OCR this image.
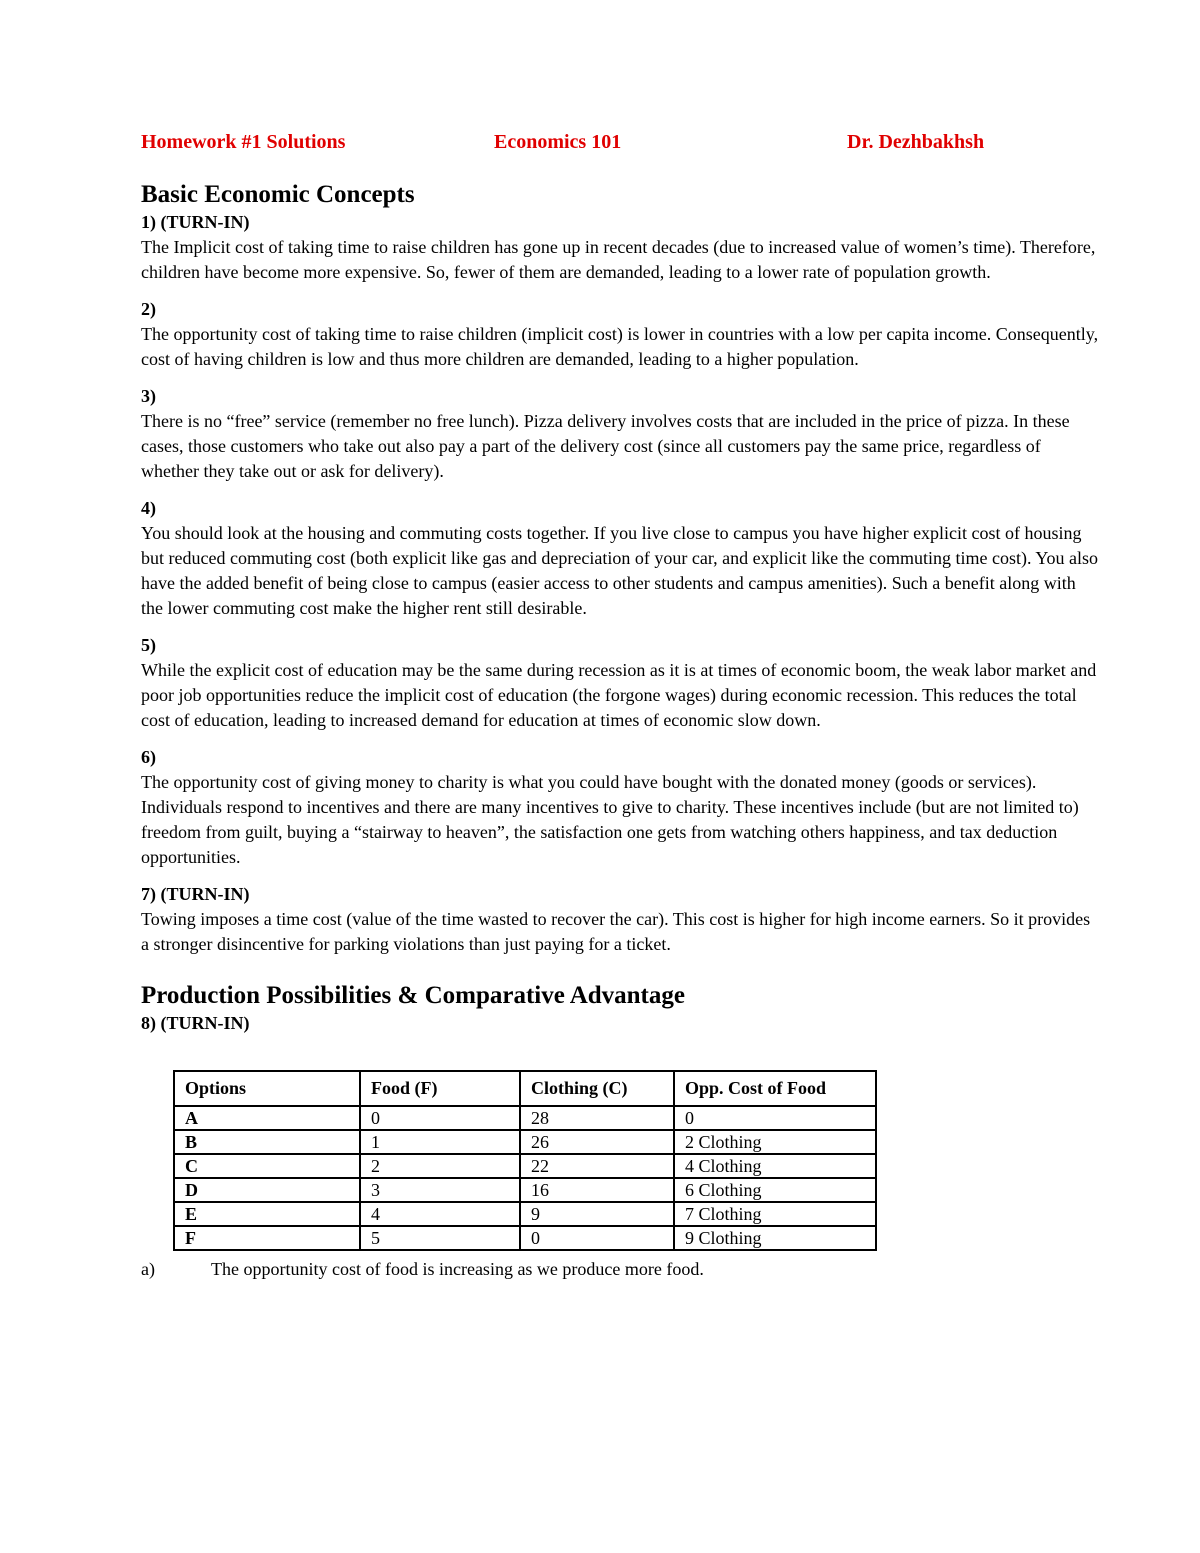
Homework #1 Solutions	Economics 101	Dr. Dezhbakhsh
Basic Economic Concepts
1) (TURN-IN)
The Implicit cost of taking time to raise children has gone up in recent decades (due to increased value of women’s time). Therefore, children have become more expensive. So, fewer of them are demanded, leading to a lower rate of population growth.
2)
The opportunity cost of taking time to raise children (implicit cost) is lower in countries with a low per capita income. Consequently, cost of having children is low and thus more children are demanded, leading to a higher population.
3)
There is no “free” service (remember no free lunch). Pizza delivery involves costs that are included in the price of pizza. In these cases, those customers who take out also pay a part of the delivery cost (since all customers pay the same price, regardless of whether they take out or ask for delivery).
4)
You should look at the housing and commuting costs together. If you live close to campus you have higher explicit cost of housing but reduced commuting cost (both explicit like gas and depreciation of your car, and explicit like the commuting time cost). You also have the added benefit of being close to campus (easier access to other students and campus amenities). Such a benefit along with the lower commuting cost make the higher rent still desirable.
5)
While the explicit cost of education may be the same during recession as it is at times of economic boom, the weak labor market and poor job opportunities reduce the implicit cost of education (the forgone wages) during economic recession. This reduces the total cost of education, leading to increased demand for education at times of economic slow down.
6)
The opportunity cost of giving money to charity is what you could have bought with the donated money (goods or services). Individuals respond to incentives and there are many incentives to give to charity. These incentives include (but are not limited to) freedom from guilt, buying a “stairway to heaven”, the satisfaction one gets from watching others happiness, and tax deduction opportunities.
7) (TURN-IN)
Towing imposes a time cost (value of the time wasted to recover the car). This cost is higher for high income earners. So it provides a stronger disincentive for parking violations than just paying for a ticket.
Production Possibilities & Comparative Advantage
8) (TURN-IN)
Options	Food (F)	Clothing (C)	Opp. Cost of Food
A	0	28	0
B	1	26	2 Clothing
C	2	22	4 Clothing
D	3	16	6 Clothing
E	4	9	7 Clothing
F	5	0	9 Clothing
a)	The opportunity cost of food is increasing as we produce more food.
